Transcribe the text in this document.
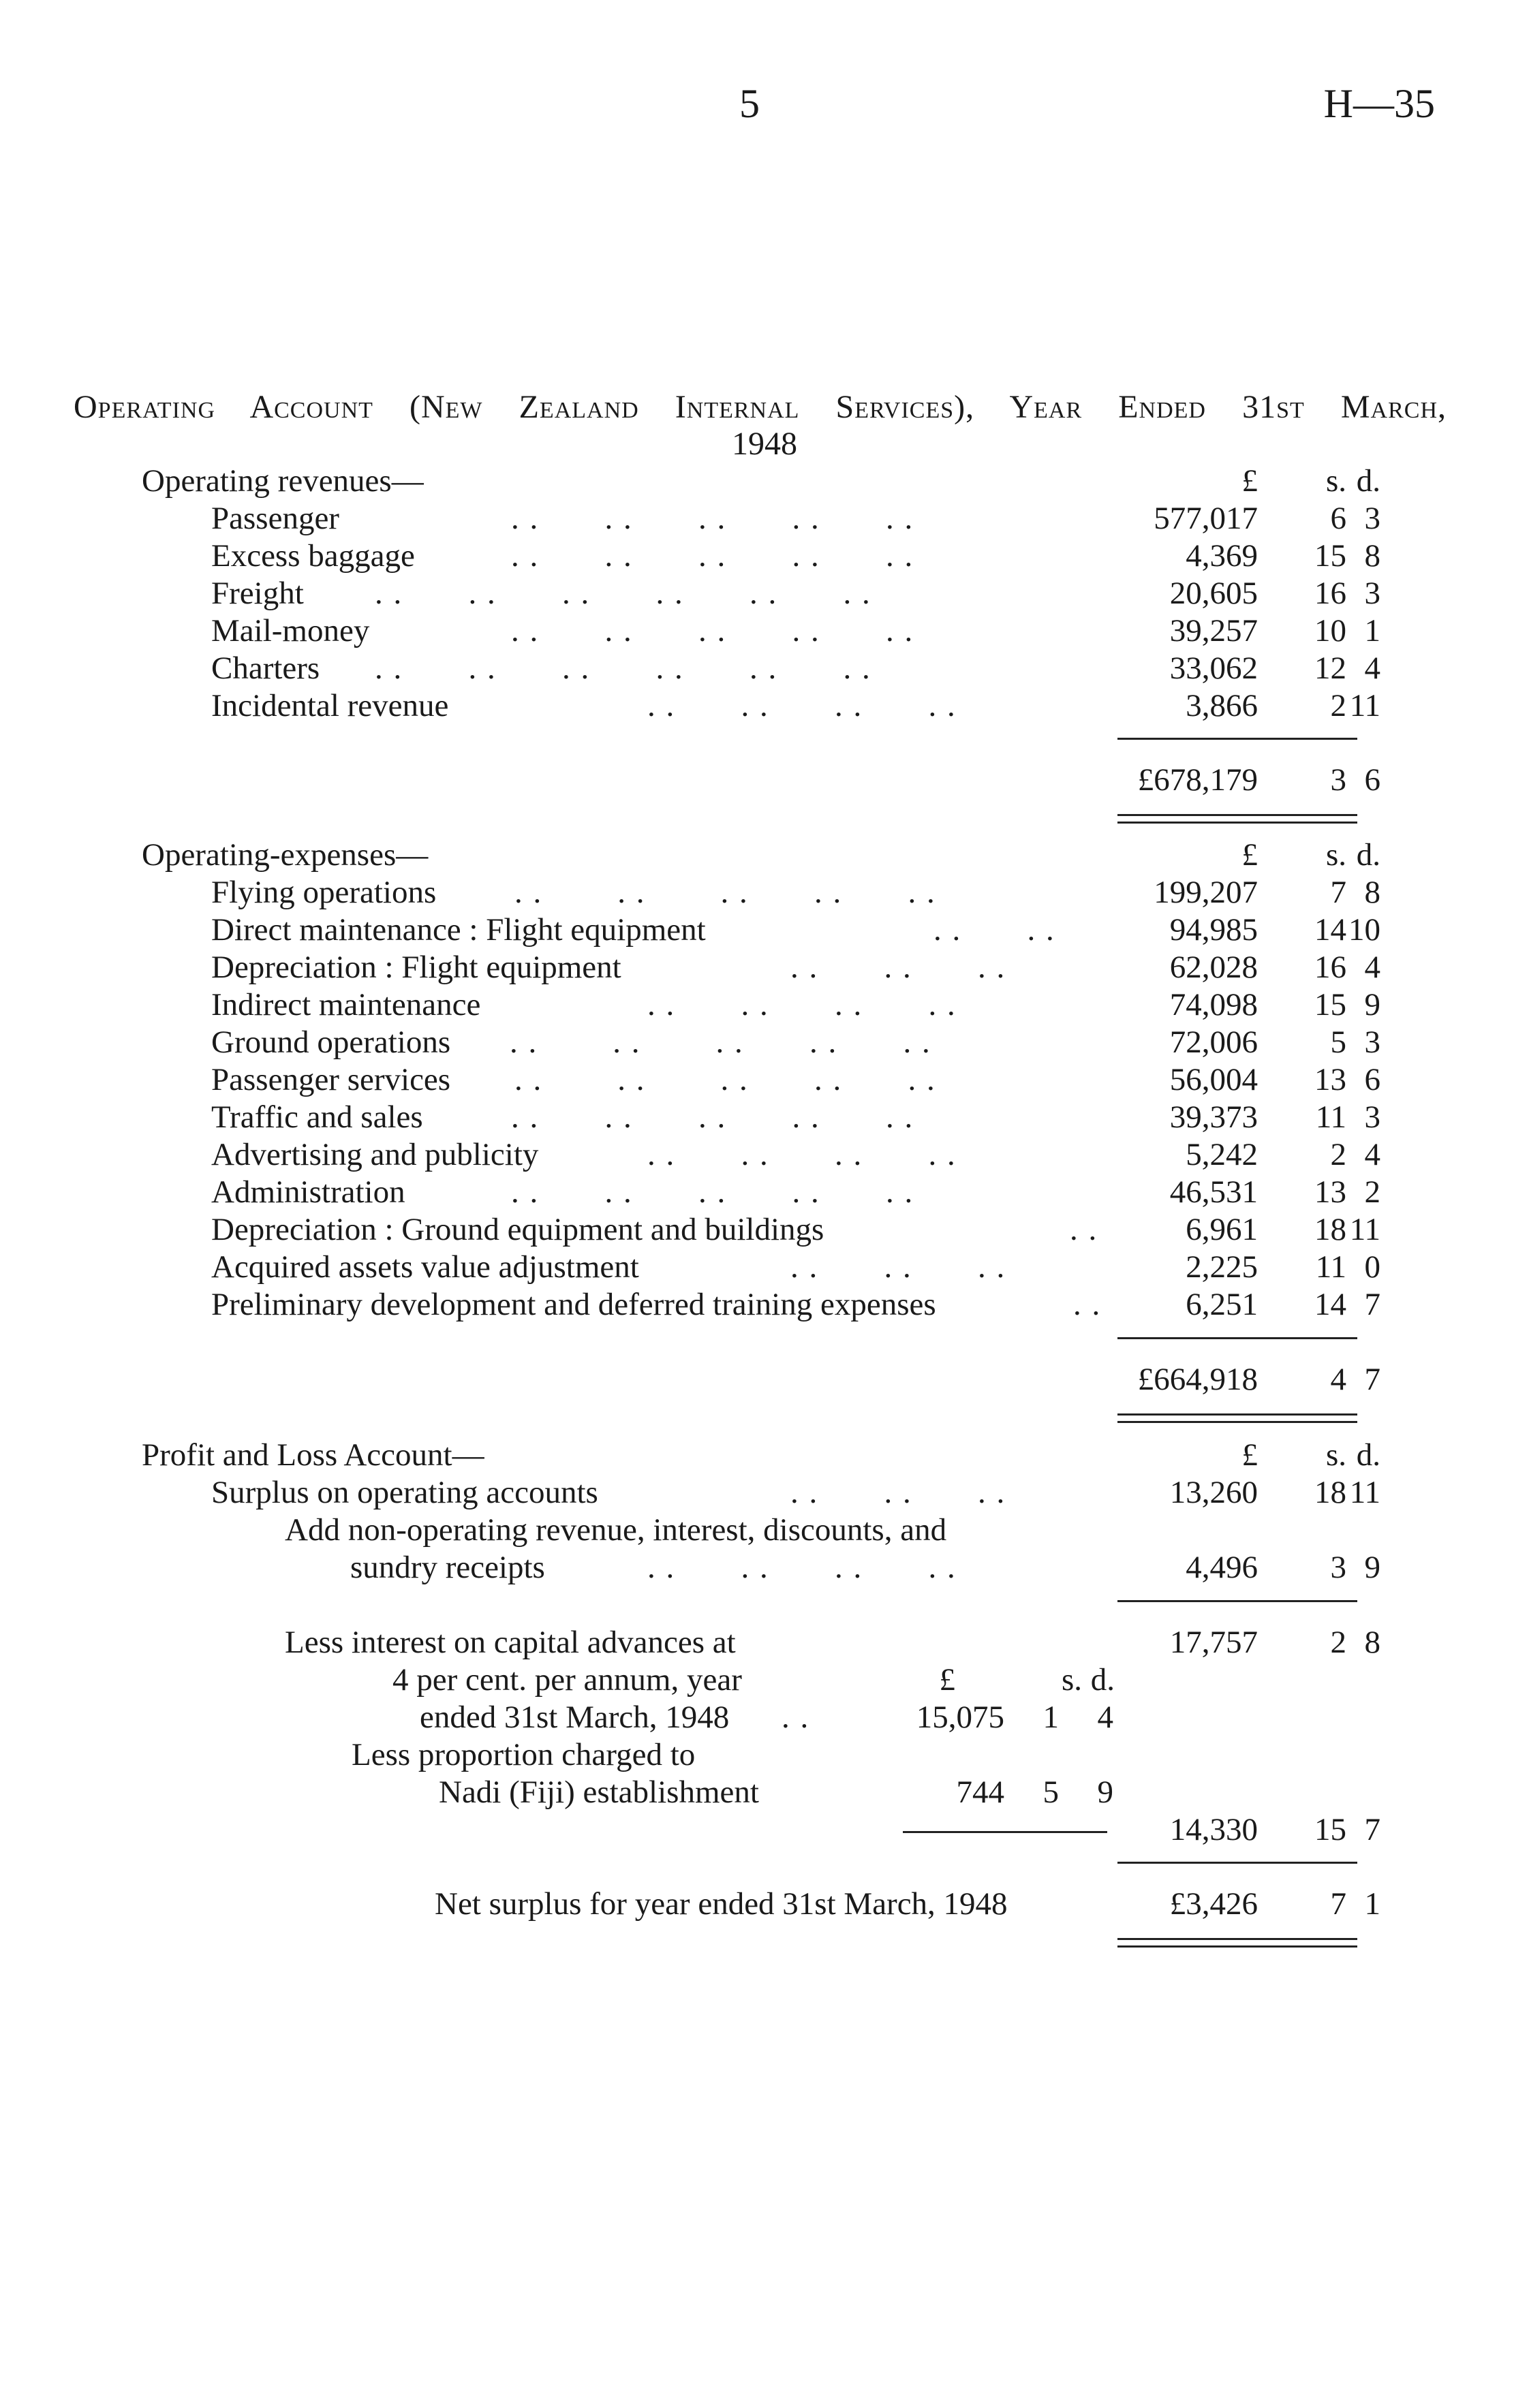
5	H—35
Operating Account (New Zealand Internal Services), Year Ended 31st March,
1948
Operating revenues—	£ s. d.
Passenger	. .       . .       . .       . .       . .	577,017 6 3
Excess baggage	. .       . .       . .       . .       . .	4,369 15 8
Freight . .       . .       . .       . .       . .       . .	20,605 16 3
Mail-money	. .       . .       . .       . .       . .	39,257 10 1
Charters . .       . .       . .       . .       . .       . .	33,062 12 4
Incidental revenue	. .       . .       . .       . .	3,866 2 11
£678,179 3 6
Operating-expenses—	£ s. d.
Flying operations . .        . .        . .       . .       . .	199,207 7 8
Direct maintenance : Flight equipment	. .       . .	94,985 14 10
Depreciation : Flight equipment	. .       . .       . .	62,028 16 4
Indirect maintenance	. .       . .       . .       . .	74,098 15 9
Ground operations . .        . .        . .       . .       . .	72,006 5 3
Passenger services . .        . .        . .       . .       . .	56,004 13 6
Traffic and sales	. .       . .       . .       . .       . .	39,373 11 3
Advertising and publicity	. .       . .       . .       . .	5,242 2 4
Administration	. .       . .       . .       . .       . .	46,531 13 2
Depreciation : Ground equipment and buildings	. .	6,961 18 11
Acquired assets value adjustment	. .       . .       . .	2,225 11 0
Preliminary development and deferred training expenses	. .	6,251 14 7
£664,918 4 7
Profit and Loss Account—	£ s. d.
Surplus on operating accounts	. .       . .       . .	13,260 18 11
Add non-operating revenue, interest, discounts, and
sundry receipts	. .       . .       . .       . .	4,496 3 9
Less interest on capital advances at	17,757 2 8
4 per cent. per annum, year	£	s. d.
ended 31st March, 1948 . .	15,075 1 4
Less proportion charged to
Nadi (Fiji) establishment	744 5 9
14,330 15 7
Net surplus for year ended 31st March, 1948	£3,426 7 1
